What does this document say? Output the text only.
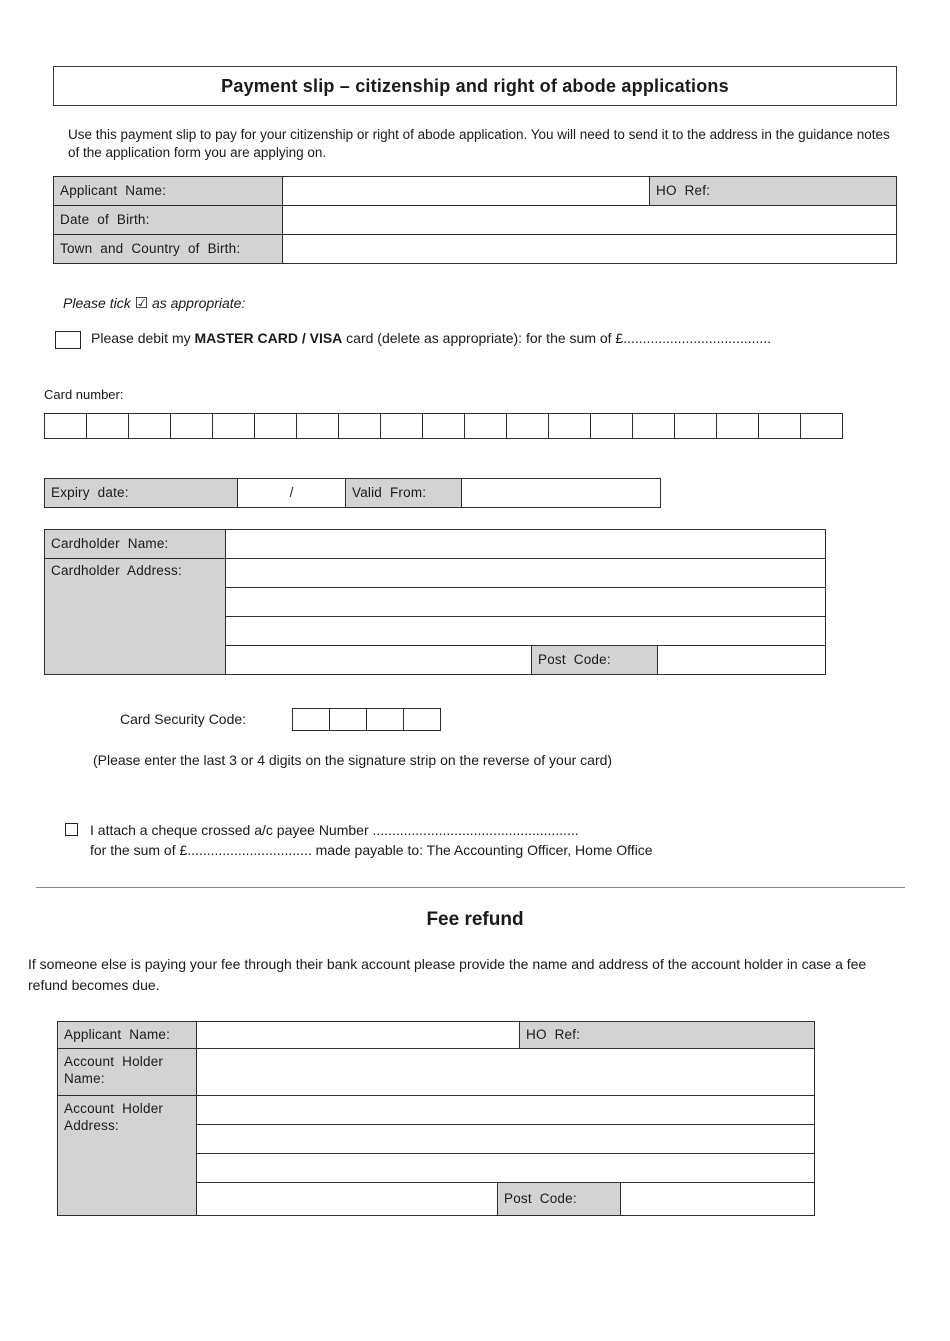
Payment slip – citizenship and right of abode applications

Use this payment slip to pay for your citizenship or right of abode application. You will need to send it to the address in the guidance notes of the application form you are applying on.

Applicant Name:	HO Ref:
Date of Birth:
Town and Country of Birth:

Please tick ☑ as appropriate:

Please debit my MASTER CARD / VISA card (delete as appropriate): for the sum of £......................................

Card number:

Expiry date:	/	Valid From:
Cardholder Name:
Cardholder Address:
Post Code:
Card Security Code:

(Please enter the last 3 or 4 digits on the signature strip on the reverse of your card)

I attach a cheque crossed a/c payee Number .....................................................
for the sum of £................................ made payable to: The Accounting Officer, Home Office
Fee refund

If someone else is paying your fee through their bank account please provide the name and address of the account holder in case a fee refund becomes due.

Applicant Name:	HO Ref:
Account Holder Name:
Account Holder Address:
Post Code:
